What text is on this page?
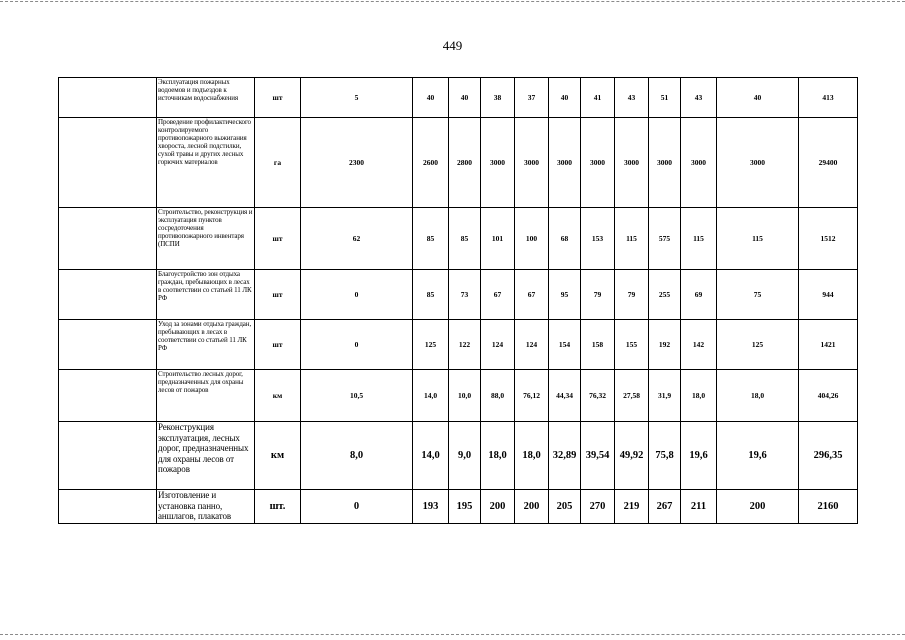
449
	Эксплуатация пожарных водоемов и подъездов к источникам водоснабжения	шт	5	40	40	38	37	40	41	43	51	43	40	413
	Проведение профилактического контролируемого противопожарного выжигания хвороста, лесной подстилки, сухой травы и других лесных горючих материалов	га	2300	2600	2800	3000	3000	3000	3000	3000	3000	3000	3000	29400
	Строительство, реконструкция и эксплуатация пунктов сосредоточения противопожарного инвентаря (ПСПИ	шт	62	85	85	101	100	68	153	115	575	115	115	1512
	Благоустройство зон отдыха граждан, пребывающих в лесах в соответствии со статьей 11 ЛК РФ	шт	0	85	73	67	67	95	79	79	255	69	75	944
	Уход за зонами отдыха граждан, пребывающих в лесах в соответствии со статьей 11 ЛК РФ	шт	0	125	122	124	124	154	158	155	192	142	125	1421
	Строительство лесных дорог, предназначенных для охраны лесов от пожаров	км	10,5	14,0	10,0	88,0	76,12	44,34	76,32	27,58	31,9	18,0	18,0	404,26
	Реконструкция эксплуатация, лесных дорог, предназначенных для охраны лесов от пожаров	км	8,0	14,0	9,0	18,0	18,0	32,89	39,54	49,92	75,8	19,6	19,6	296,35
	Изготовление и установка панно, аншлагов, плакатов	шт.	0	193	195	200	200	205	270	219	267	211	200	2160
